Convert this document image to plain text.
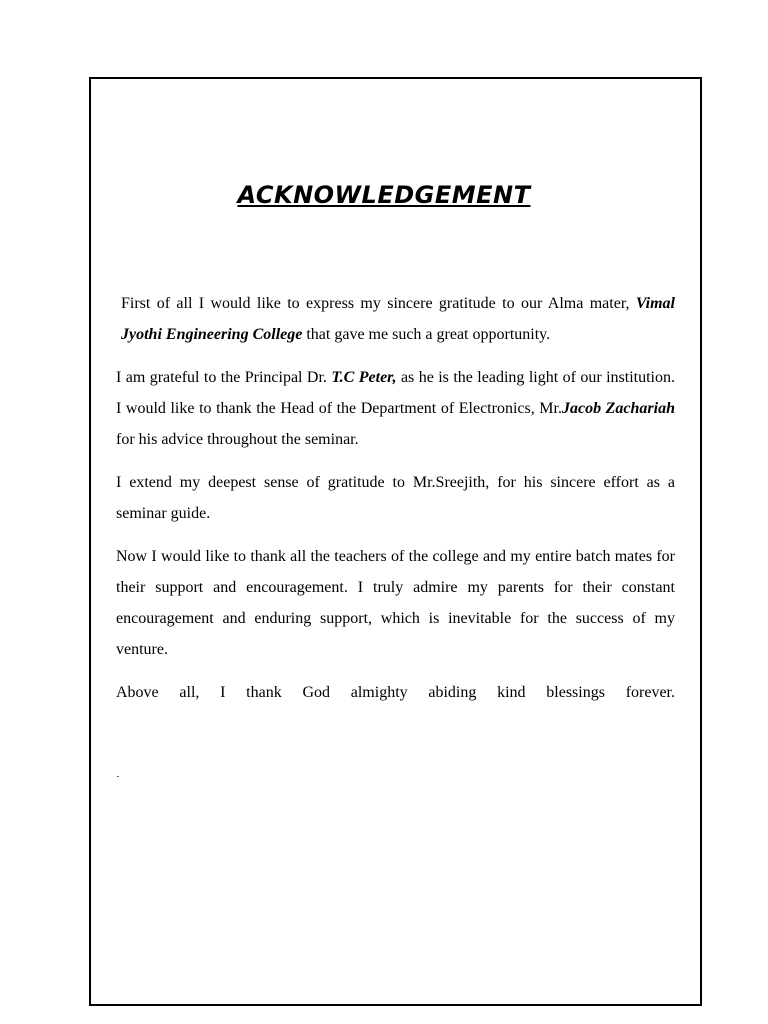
ACKNOWLEDGEMENT

First of all I would like to express my sincere gratitude to our Alma mater, Vimal Jyothi Engineering College that gave me such a great opportunity.

I am grateful to the Principal Dr. T.C Peter, as he is the leading light of our institution. I would like to thank the Head of the Department of Electronics, Mr.Jacob Zachariah for his advice throughout the seminar.

I extend my deepest sense of gratitude to Mr.Sreejith, for his sincere effort as a seminar guide.

Now I would like to thank all the teachers of the college and my entire batch mates for their support and encouragement. I truly admire my parents for their constant encouragement and enduring support, which is inevitable for the success of my venture.

Above all, I thank God almighty abiding kind blessings forever.
